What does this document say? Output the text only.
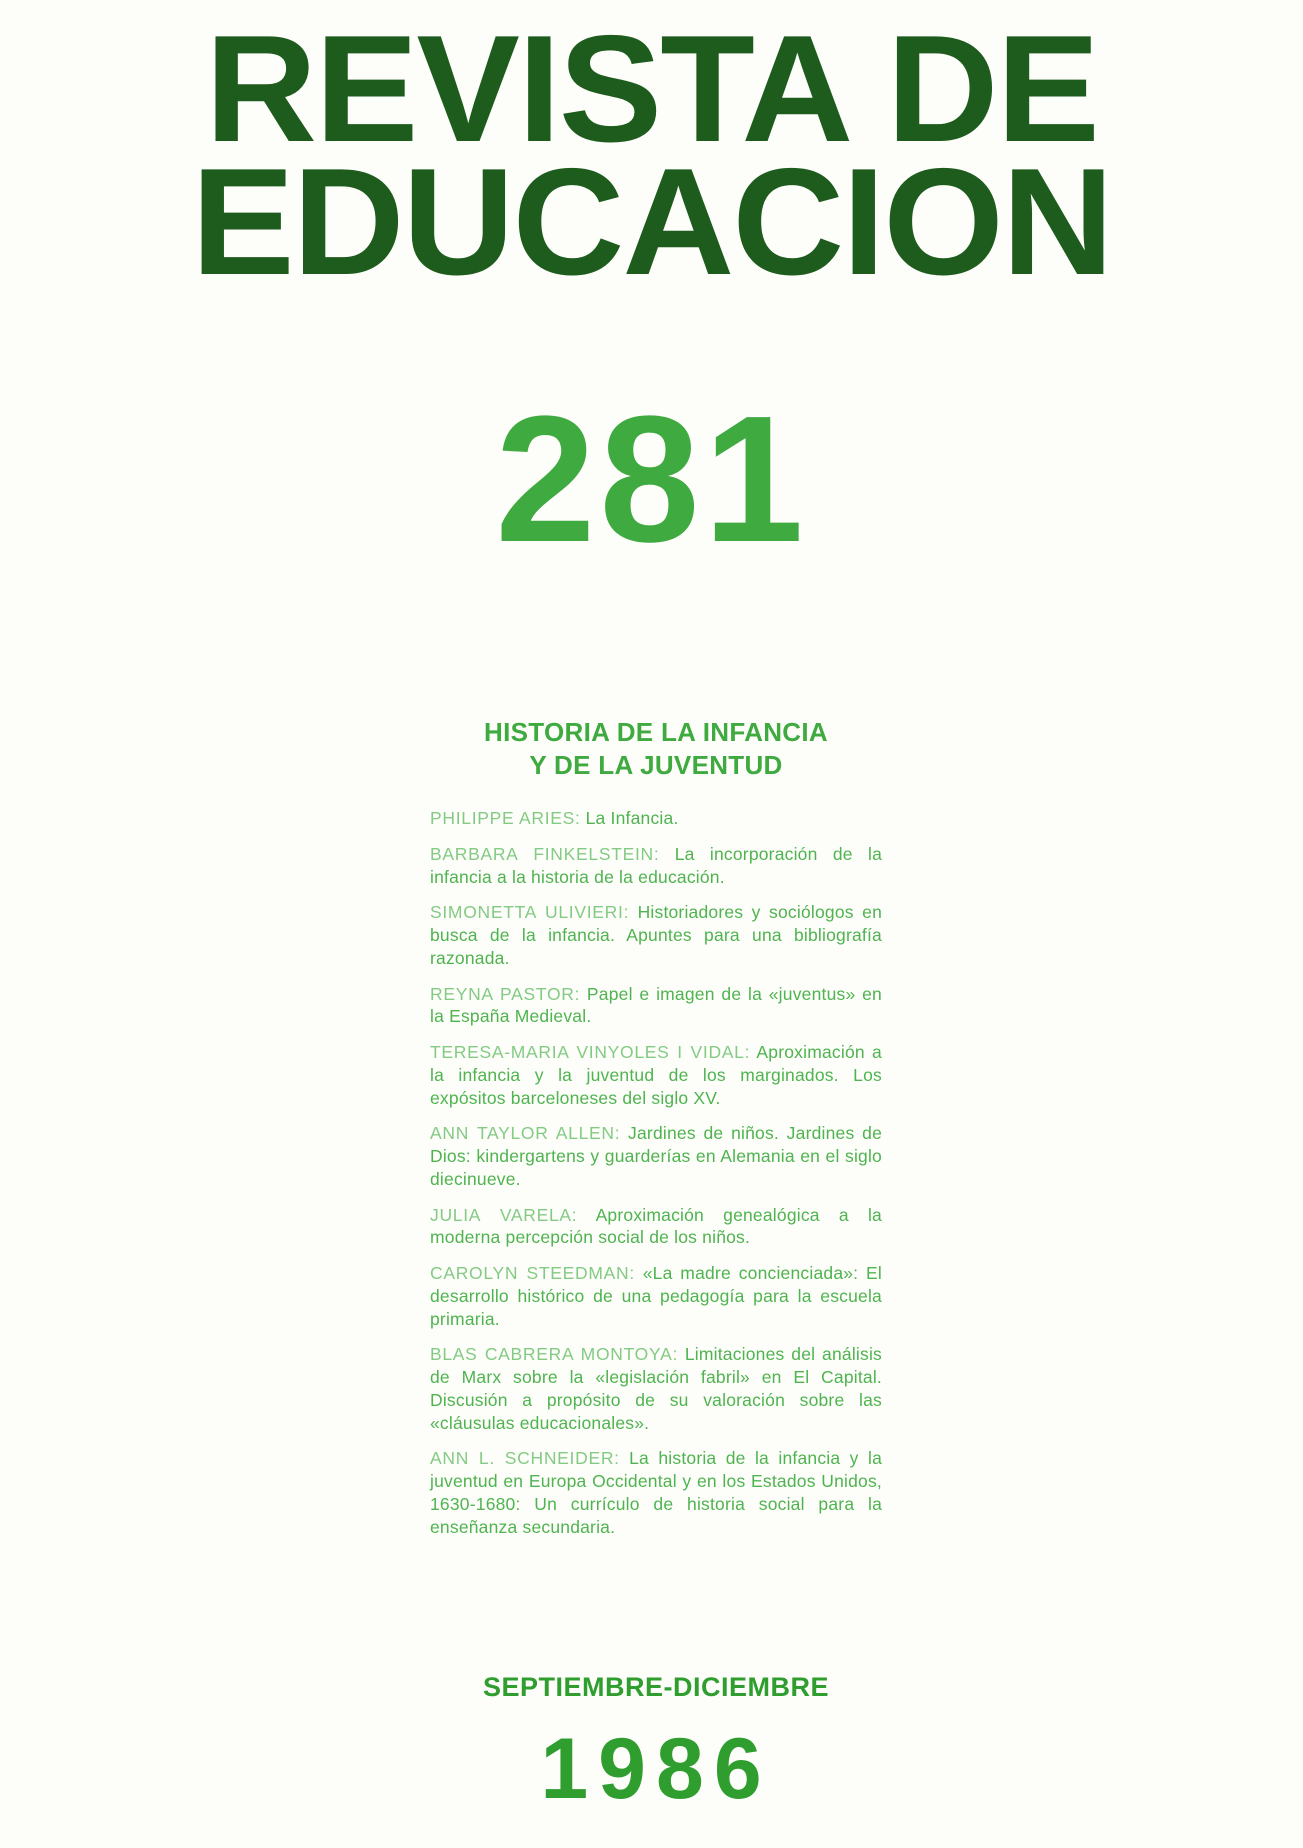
REVISTA DE
EDUCACION
281
HISTORIA DE LA INFANCIA
Y DE LA JUVENTUD
PHILIPPE ARIES: La Infancia.
BARBARA FINKELSTEIN: La incorporación de la infancia a la historia de la educación.
SIMONETTA ULIVIERI: Historiadores y sociólogos en busca de la infancia. Apuntes para una bibliografía razonada.
REYNA PASTOR: Papel e imagen de la «juventus» en la España Medieval.
TERESA-MARIA VINYOLES I VIDAL: Aproximación a la infancia y la juventud de los marginados. Los expósitos barceloneses del siglo XV.
ANN TAYLOR ALLEN: Jardines de niños. Jardines de Dios: kindergartens y guarderías en Alemania en el siglo diecinueve.
JULIA VARELA: Aproximación genealógica a la moderna percepción social de los niños.
CAROLYN STEEDMAN: «La madre concienciada»: El desarrollo histórico de una pedagogía para la escuela primaria.
BLAS CABRERA MONTOYA: Limitaciones del análisis de Marx sobre la «legislación fabril» en El Capital. Discusión a propósito de su valoración sobre las «cláusulas educacionales».
ANN L. SCHNEIDER: La historia de la infancia y la juventud en Europa Occidental y en los Estados Unidos, 1630-1680: Un currículo de historia social para la enseñanza secundaria.
SEPTIEMBRE-DICIEMBRE
1986
